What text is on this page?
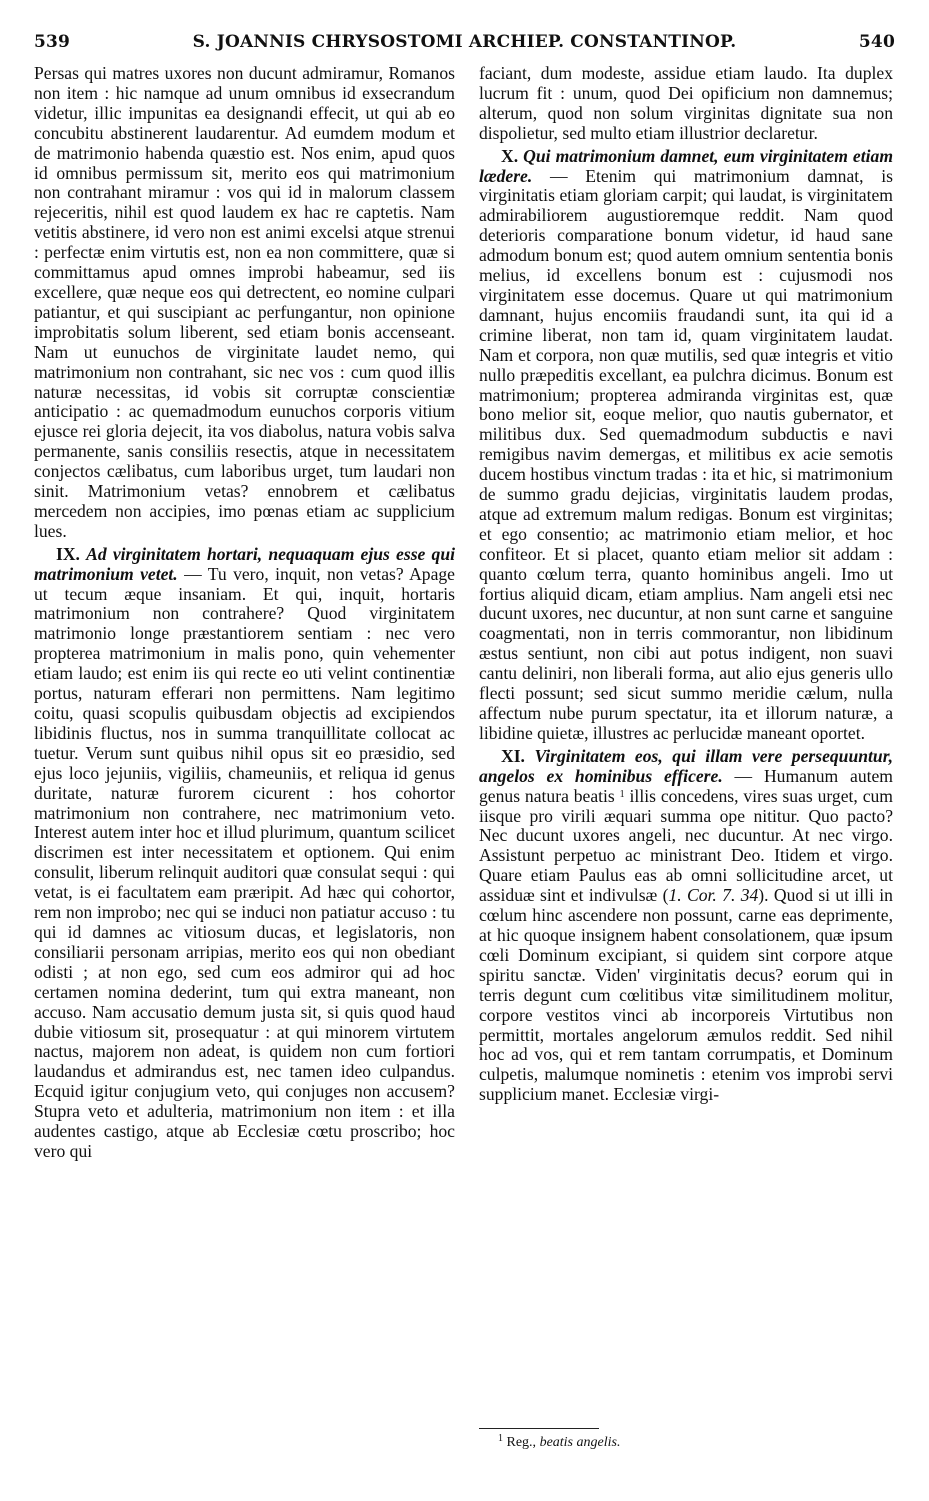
539	S. JOANNIS CHRYSOSTOMI ARCHIEP. CONSTANTINOP.	540

Persas qui matres uxores non ducunt admiramur, Romanos non item : hic namque ad unum omnibus id exsecrandum videtur, illic impunitas ea designandi effecit, ut qui ab eo concubitu abstinerent laudarentur. Ad eumdem modum et de matrimonio habenda quæstio est. Nos enim, apud quos id omnibus permissum sit, merito eos qui matrimonium non contrahant miramur : vos qui id in malorum classem rejeceritis, nihil est quod laudem ex hac re captetis. Nam vetitis abstinere, id vero non est animi excelsi atque strenui : perfectæ enim virtutis est, non ea non committere, quæ si committamus apud omnes improbi habeamur, sed iis excellere, quæ neque eos qui detrectent, eo nomine culpari patiantur, et qui suscipiant ac perfungantur, non opinione improbitatis solum liberent, sed etiam bonis accenseant. Nam ut eunuchos de virginitate laudet nemo, qui matrimonium non contrahant, sic nec vos : cum quod illis naturæ necessitas, id vobis sit corruptæ conscientiæ anticipatio : ac quemadmodum eunuchos corporis vitium ejusce rei gloria dejecit, ita vos diabolus, natura vobis salva permanente, sanis consiliis resectis, atque in necessitatem conjectos cælibatus, cum laboribus urget, tum laudari non sinit. Matrimonium vetas? ennobrem et cælibatus mercedem non accipies, imo pœnas etiam ac supplicium lues.

IX. Ad virginitatem hortari, nequaquam ejus esse qui matrimonium vetet. — Tu vero, inquit, non vetas? Apage ut tecum æque insaniam. Et qui, inquit, hortaris matrimonium non contrahere? Quod virginitatem matrimonio longe præstantiorem sentiam : nec vero propterea matrimonium in malis pono, quin vehementer etiam laudo; est enim iis qui recte eo uti velint continentiæ portus, naturam efferari non permittens. Nam legitimo coitu, quasi scopulis quibusdam objectis ad excipiendos libidinis fluctus, nos in summa tranquillitate collocat ac tuetur. Verum sunt quibus nihil opus sit eo præsidio, sed ejus loco jejuniis, vigiliis, chameuniis, et reliqua id genus duritate, naturæ furorem cicurent : hos cohortor matrimonium non contrahere, nec matrimonium veto. Interest autem inter hoc et illud plurimum, quantum scilicet discrimen est inter necessitatem et optionem. Qui enim consulit, liberum relinquit auditori quæ consulat sequi : qui vetat, is ei facultatem eam præripit. Ad hæc qui cohortor, rem non improbo; nec qui se induci non patiatur accuso : tu qui id damnes ac vitiosum ducas, et legislatoris, non consiliarii personam arripias, merito eos qui non obediant odisti ; at non ego, sed cum eos admiror qui ad hoc certamen nomina dederint, tum qui extra maneant, non accuso. Nam accusatio demum justa sit, si quis quod haud dubie vitiosum sit, prosequatur : at qui minorem virtutem nactus, majorem non adeat, is quidem non cum fortiori laudandus et admirandus est, nec tamen ideo culpandus. Ecquid igitur conjugium veto, qui conjuges non accusem? Stupra veto et adulteria, matrimonium non item : et illa audentes castigo, atque ab Ecclesiæ cœtu proscribo; hoc vero qui

faciant, dum modeste, assidue etiam laudo. Ita duplex lucrum fit : unum, quod Dei opificium non damnemus; alterum, quod non solum virginitas dignitate sua non dispolietur, sed multo etiam illustrior declaretur.

X. Qui matrimonium damnet, eum virginitatem etiam lædere. — Etenim qui matrimonium damnat, is virginitatis etiam gloriam carpit; qui laudat, is virginitatem admirabiliorem augustioremque reddit. Nam quod deterioris comparatione bonum videtur, id haud sane admodum bonum est; quod autem omnium sententia bonis melius, id excellens bonum est : cujusmodi nos virginitatem esse docemus. Quare ut qui matrimonium damnant, hujus encomiis fraudandi sunt, ita qui id a crimine liberat, non tam id, quam virginitatem laudat. Nam et corpora, non quæ mutilis, sed quæ integris et vitio nullo præpeditis excellant, ea pulchra dicimus. Bonum est matrimonium; propterea admiranda virginitas est, quæ bono melior sit, eoque melior, quo nautis gubernator, et militibus dux. Sed quemadmodum subductis e navi remigibus navim demergas, et militibus ex acie semotis ducem hostibus vinctum tradas : ita et hic, si matrimonium de summo gradu dejicias, virginitatis laudem prodas, atque ad extremum malum redigas. Bonum est virginitas; et ego consentio; ac matrimonio etiam melior, et hoc confiteor. Et si placet, quanto etiam melior sit addam : quanto cœlum terra, quanto hominibus angeli. Imo ut fortius aliquid dicam, etiam amplius. Nam angeli etsi nec ducunt uxores, nec ducuntur, at non sunt carne et sanguine coagmentati, non in terris commorantur, non libidinum æstus sentiunt, non cibi aut potus indigent, non suavi cantu deliniri, non liberali forma, aut alio ejus generis ullo flecti possunt; sed sicut summo meridie cælum, nulla affectum nube purum spectatur, ita et illorum naturæ, a libidine quietæ, illustres ac perlucidæ maneant oportet.

XI. Virginitatem eos, qui illam vere persequuntur, angelos ex hominibus efficere. — Humanum autem genus natura beatis $^1$ illis concedens, vires suas urget, cum iisque pro virili æquari summa ope nititur. Quo pacto? Nec ducunt uxores angeli, nec ducuntur. At nec virgo. Assistunt perpetuo ac ministrant Deo. Itidem et virgo. Quare etiam Paulus eas ab omni sollicitudine arcet, ut assiduæ sint et indivulsæ (1. Cor. 7. 34). Quod si ut illi in cœlum hinc ascendere non possunt, carne eas deprimente, at hic quoque insignem habent consolationem, quæ ipsum cœli Dominum excipiant, si quidem sint corpore atque spiritu sanctæ. Viden' virginitatis decus? eorum qui in terris degunt cum cœlitibus vitæ similitudinem molitur, corpore vestitos vinci ab incorporeis Virtutibus non permittit, mortales angelorum æmulos reddit. Sed nihil hoc ad vos, qui et rem tantam corrumpatis, et Dominum culpetis, malumque nominetis : etenim vos improbi servi supplicium manet. Ecclesiæ virgi-

$^1$ Reg., beatis angelis.
